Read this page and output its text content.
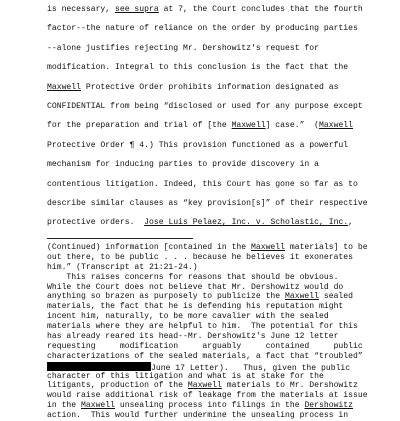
is necessary, see supra at 7, the Court concludes that the fourth
factor--the nature of reliance on the order by producing parties
--alone justifies rejecting Mr. Dershowitz's request for
modification. Integral to this conclusion is the fact that the
Maxwell Protective Order prohibits information designated as
CONFIDENTIAL from being “disclosed or used for any purpose except
for the preparation and trial of [the Maxwell] case.”  (Maxwell
Protective Order ¶ 4.) This provision functioned as a powerful
mechanism for inducing parties to provide discovery in a
contentious litigation. Indeed, this Court has gone so far as to
describe similar clauses as “key provision[s]” of their respective
protective orders.  Jose Luis Pelaez, Inc. v. Scholastic, Inc.,
(Continued) information [contained in the Maxwell materials] to be
out there, to be public . . . because he believes it exonerates
him.” (Transcript at 21:21-24.)
This raises concerns for reasons that should be obvious.
While the Court does not believe that Mr. Dershowitz would do
anything so brazen as purposely to publicize the Maxwell sealed
materials, the fact that he is defending his reputation might
incent him, naturally, to be more cavalier with the sealed
materials where they are helpful to him.  The potential for this
has already reared its head--Mr. Dershowitz's June 12 letter
requesting     modification     arguably     contained     public
characterizations of the sealed materials, a fact that “troubled”
June 17 Letter).   Thus, given the public
character of this litigation and what is at stake for the
litigants, production of the Maxwell materials to Mr. Dershowitz
would raise additional risk of leakage from the materials at issue
in the Maxwell unsealing process into filings in the Dershowitz
action.  This would further undermine the unsealing process in
